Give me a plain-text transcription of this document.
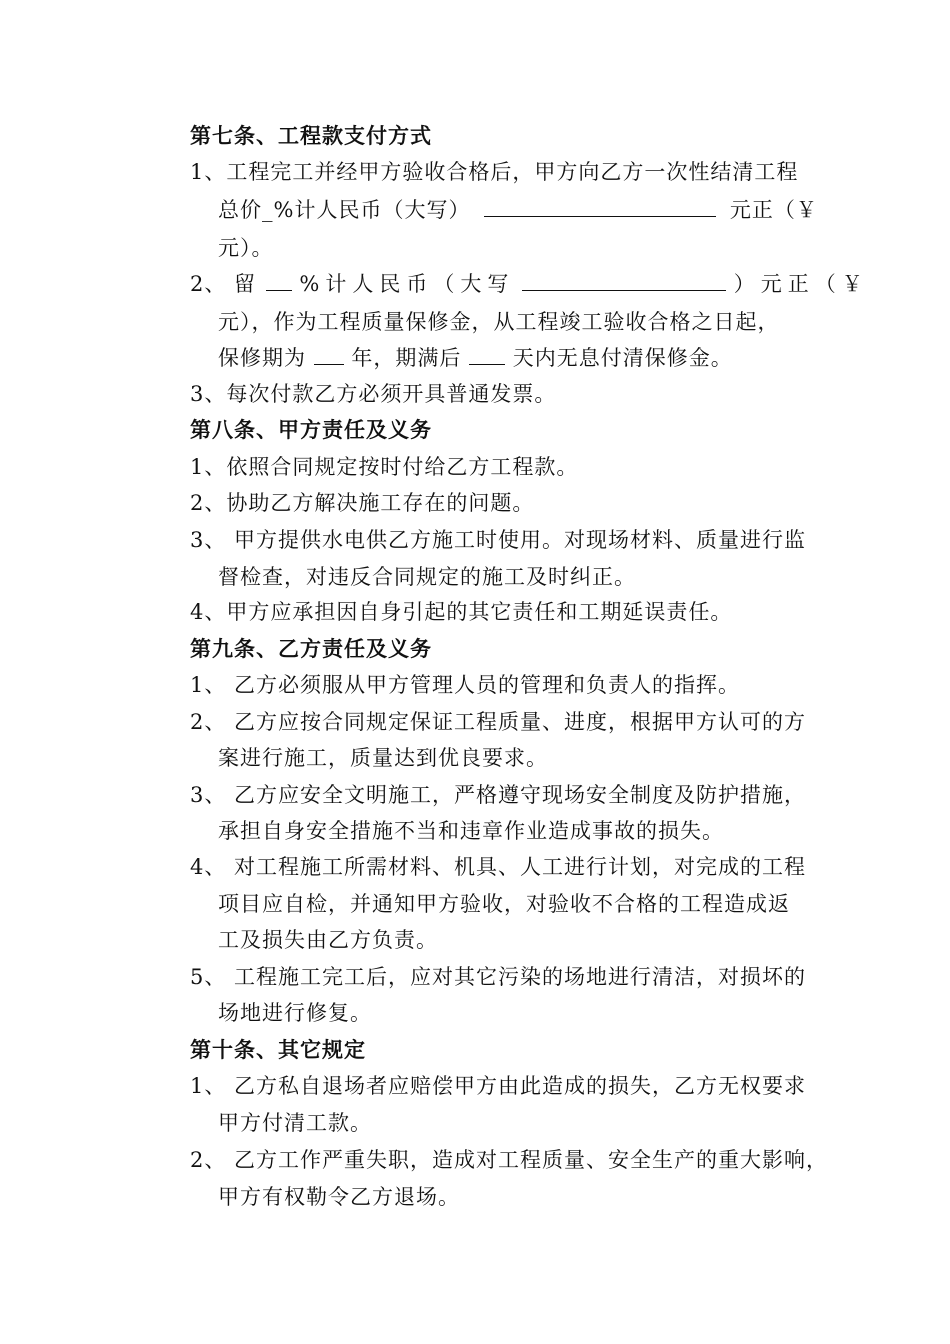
第七条、工程款支付方式
1、工程完工并经甲方验收合格后，甲方向乙方一次性结清工程
总价_%计人民币（大写）	元正（￥
元）。
2、 留 %计人民币（大写	）元正（￥
元），作为工程质量保修金，从工程竣工验收合格之日起，
保修期为 年，期满后 天内无息付清保修金。
3、每次付款乙方必须开具普通发票。
第八条、甲方责任及义务
1、依照合同规定按时付给乙方工程款。
2、协助乙方解决施工存在的问题。
3、 甲方提供水电供乙方施工时使用。对现场材料、质量进行监
督检查，对违反合同规定的施工及时纠正。
4、甲方应承担因自身引起的其它责任和工期延误责任。
第九条、乙方责任及义务
1、 乙方必须服从甲方管理人员的管理和负责人的指挥。
2、 乙方应按合同规定保证工程质量、进度，根据甲方认可的方
案进行施工，质量达到优良要求。
3、 乙方应安全文明施工，严格遵守现场安全制度及防护措施，
承担自身安全措施不当和违章作业造成事故的损失。
4、 对工程施工所需材料、机具、人工进行计划，对完成的工程
项目应自检，并通知甲方验收，对验收不合格的工程造成返
工及损失由乙方负责。
5、 工程施工完工后，应对其它污染的场地进行清洁，对损坏的
场地进行修复。
第十条、其它规定
1、 乙方私自退场者应赔偿甲方由此造成的损失，乙方无权要求
甲方付清工款。
2、 乙方工作严重失职，造成对工程质量、安全生产的重大影响，
甲方有权勒令乙方退场。
